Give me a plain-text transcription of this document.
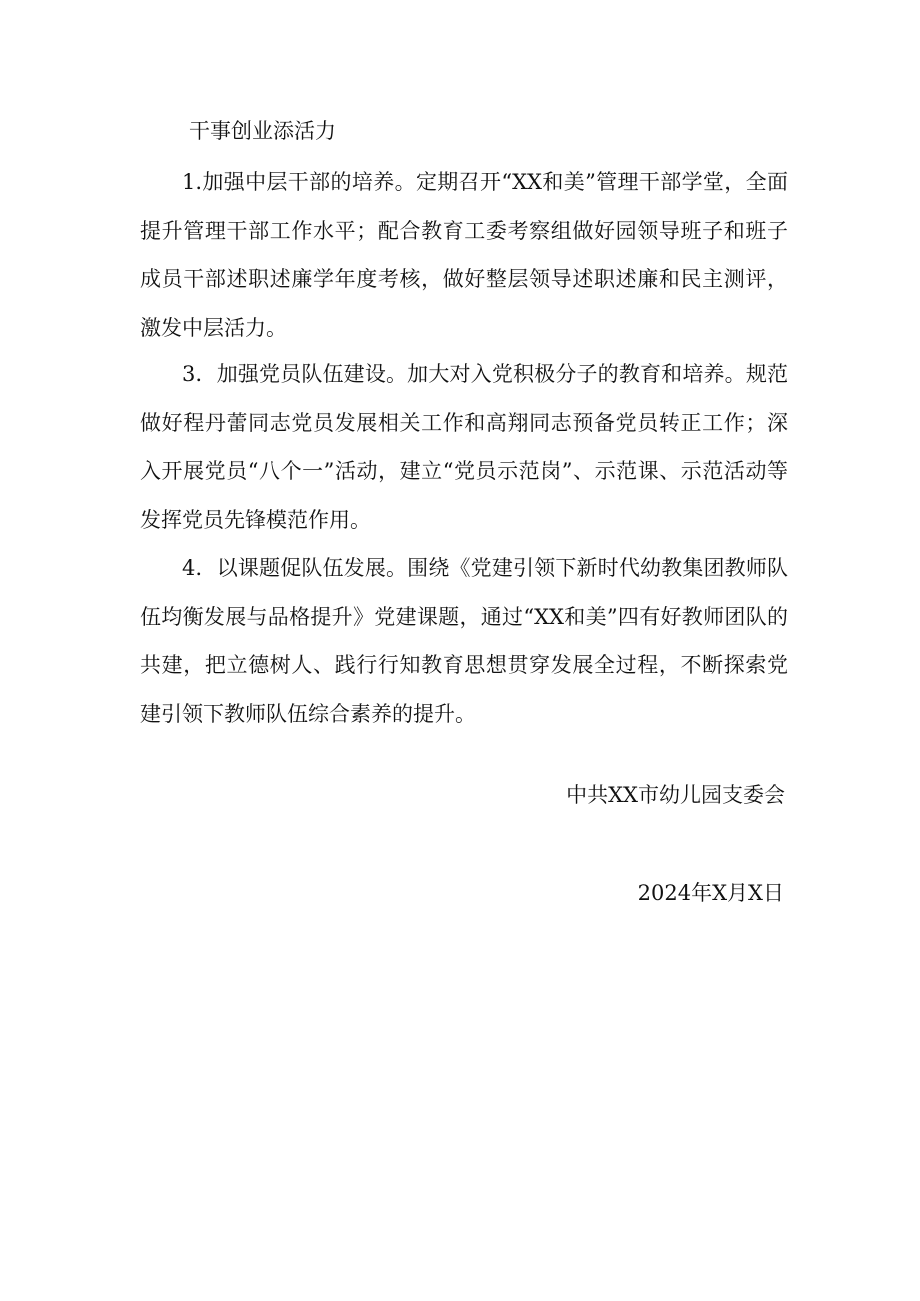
干事创业添活力

1.加强中层干部的培养。定期召开“XX和美”管理干部学堂，全面提升管理干部工作水平；配合教育工委考察组做好园领导班子和班子成员干部述职述廉学年度考核，做好整层领导述职述廉和民主测评，激发中层活力。

3．加强党员队伍建设。加大对入党积极分子的教育和培养。规范做好程丹蕾同志党员发展相关工作和高翔同志预备党员转正工作；深入开展党员“八个一”活动，建立“党员示范岗”、示范课、示范活动等发挥党员先锋模范作用。

4．以课题促队伍发展。围绕《党建引领下新时代幼教集团教师队伍均衡发展与品格提升》党建课题，通过“XX和美”四有好教师团队的共建，把立德树人、践行行知教育思想贯穿发展全过程，不断探索党建引领下教师队伍综合素养的提升。

中共XX市幼儿园支委会
2024年X月X日
